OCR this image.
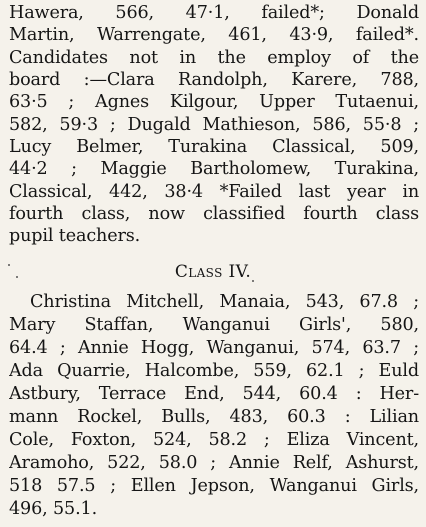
Hawera, 566, 47·1, failed*; Donald
Martin, Warrengate, 461, 43·9, failed*.
Candidates not in the employ of the
board :—Clara Randolph, Karere, 788,
63·5 ; Agnes Kilgour, Upper Tutaenui,
582, 59·3 ; Dugald Mathieson, 586, 55·8 ;
Lucy Belmer, Turakina Classical, 509,
44·2 ; Maggie Bartholomew, Turakina,
Classical, 442, 38·4 *Failed last year in
fourth class, now classified fourth class
pupil teachers.
Class IV.
Christina Mitchell, Manaia, 543, 67.8 ;
Mary Staffan, Wanganui Girls', 580,
64.4 ; Annie Hogg, Wanganui, 574, 63.7 ;
Ada Quarrie, Halcombe, 559, 62.1 ; Euld
Astbury, Terrace End, 544, 60.4 : Her-
mann Rockel, Bulls, 483, 60.3 : Lilian
Cole, Foxton, 524, 58.2 ; Eliza Vincent,
Aramoho, 522, 58.0 ; Annie Relf, Ashurst,
518 57.5 ; Ellen Jepson, Wanganui Girls,
496, 55.1.
